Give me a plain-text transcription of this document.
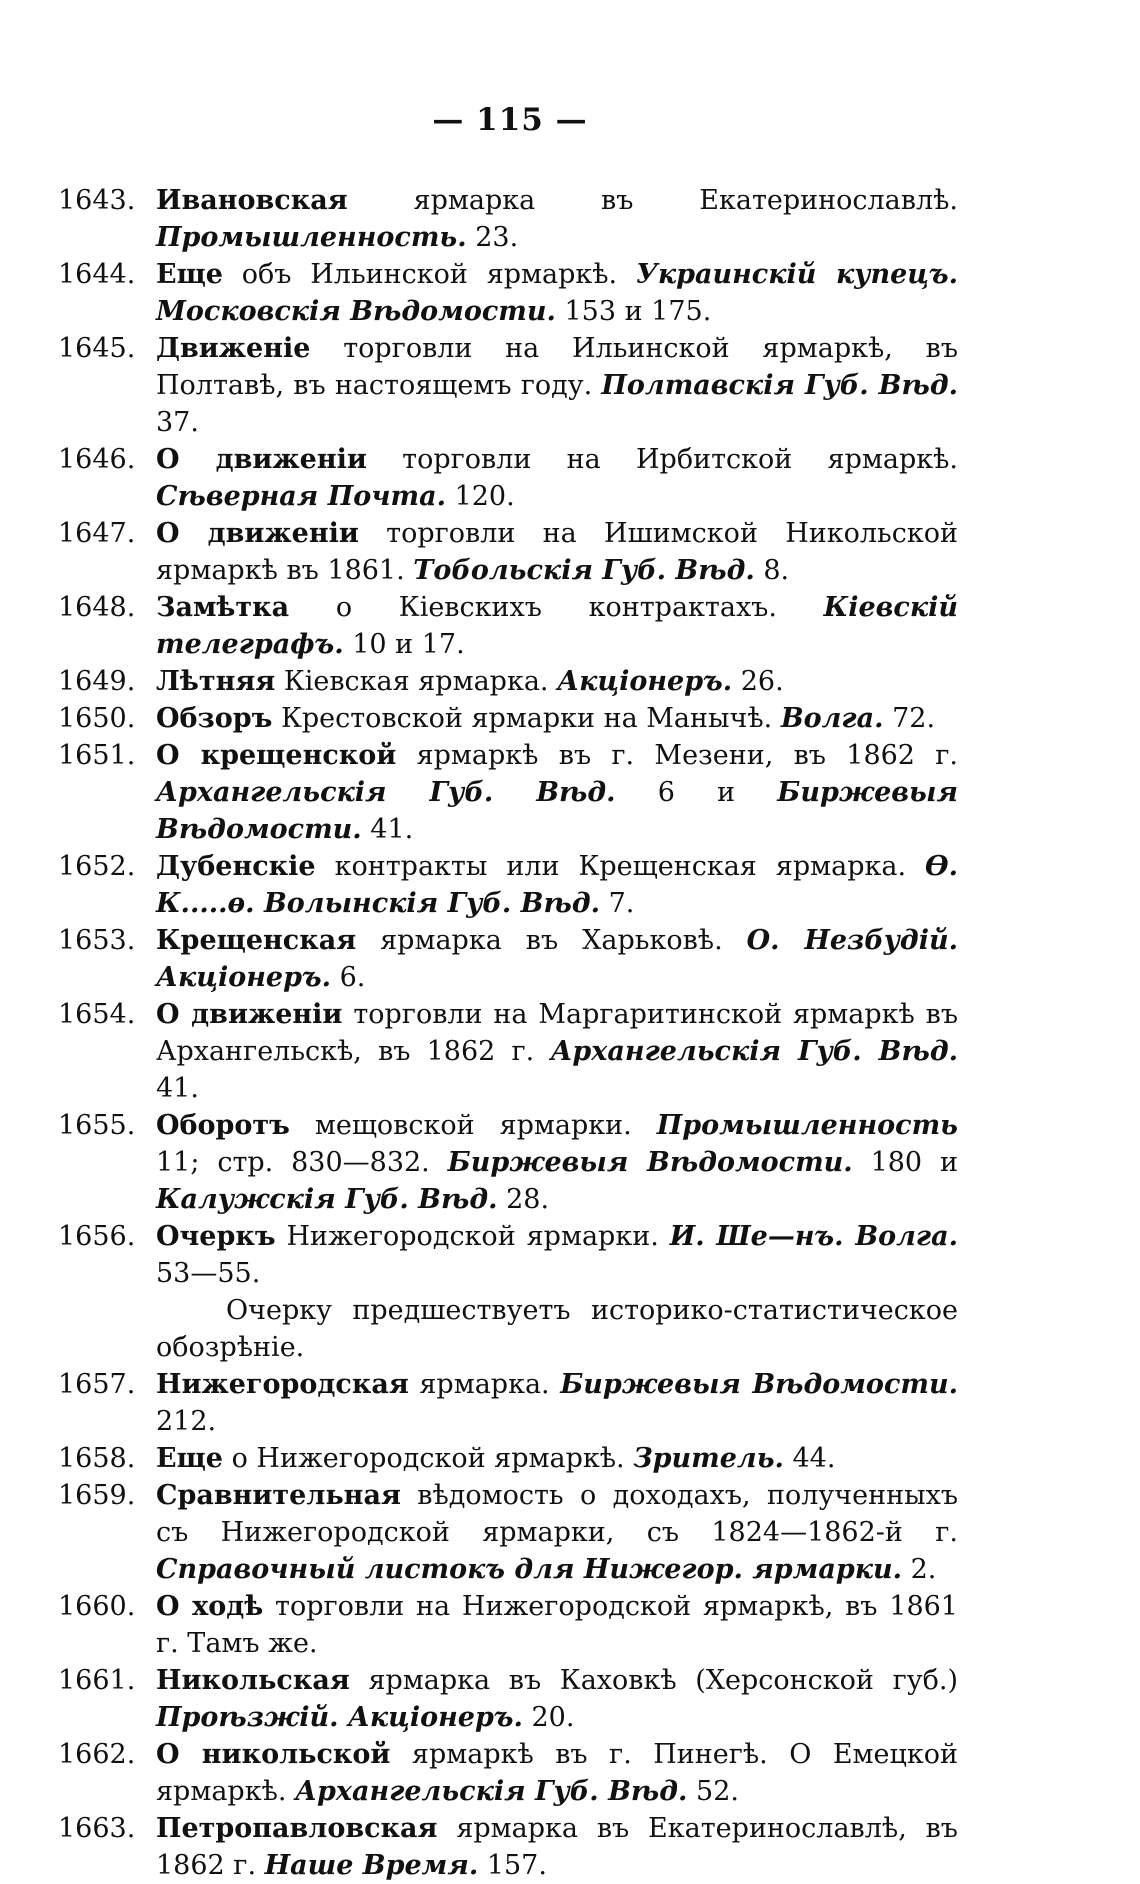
— 115 —
1643. Ивановская ярмарка въ Екатеринославлѣ. Промышленность. 23.
1644. Еще объ Ильинской ярмаркѣ. Украинскій купецъ. Московскія Вѣдомости. 153 и 175.
1645. Движеніе торговли на Ильинской ярмаркѣ, въ Полтавѣ, въ настоящемъ году. Полтавскія Губ. Вѣд. 37.
1646. О движеніи торговли на Ирбитской ярмаркѣ. Сѣверная Почта. 120.
1647. О движеніи торговли на Ишимской Никольской ярмаркѣ въ 1861. Тобольскія Губ. Вѣд. 8.
1648. Замѣтка о Кіевскихъ контрактахъ. Кіевскій телеграфъ. 10 и 17.
1649. Лѣтняя Кіевская ярмарка. Акціонеръ. 26.
1650. Обзоръ Крестовской ярмарки на Манычѣ. Волга. 72.
1651. О крещенской ярмаркѣ въ г. Мезени, въ 1862 г. Архангельскія Губ. Вѣд. 6 и Биржевыя Вѣдомости. 41.
1652. Дубенскіе контракты или Крещенская ярмарка. Ѳ. К.....ѳ. Волынскія Губ. Вѣд. 7.
1653. Крещенская ярмарка въ Харьковѣ. О. Незбудій. Акціонеръ. 6.
1654. О движеніи торговли на Маргаритинской ярмаркѣ въ Архангельскѣ, въ 1862 г. Архангельскія Губ. Вѣд. 41.
1655. Оборотъ мещовской ярмарки. Промышленность 11; стр. 830—832. Биржевыя Вѣдомости. 180 и Калужскія Губ. Вѣд. 28.
1656. Очеркъ Нижегородской ярмарки. И. Ше—нъ. Волга. 53—55.
Очерку предшествуетъ историко-статистическое обозрѣніе.
1657. Нижегородская ярмарка. Биржевыя Вѣдомости. 212.
1658. Еще о Нижегородской ярмаркѣ. Зритель. 44.
1659. Сравнительная вѣдомость о доходахъ, полученныхъ съ Нижегородской ярмарки, съ 1824—1862-й г. Справочный листокъ для Нижегор. ярмарки. 2.
1660. О ходѣ торговли на Нижегородской ярмаркѣ, въ 1861 г. Тамъ же.
1661. Никольская ярмарка въ Каховкѣ (Херсонской губ.) Проѣзжій. Акціонеръ. 20.
1662. О никольской ярмаркѣ въ г. Пинегѣ. О Емецкой ярмаркѣ. Архангельскія Губ. Вѣд. 52.
1663. Петропавловская ярмарка въ Екатеринославлѣ, въ 1862 г. Наше Время. 157.
